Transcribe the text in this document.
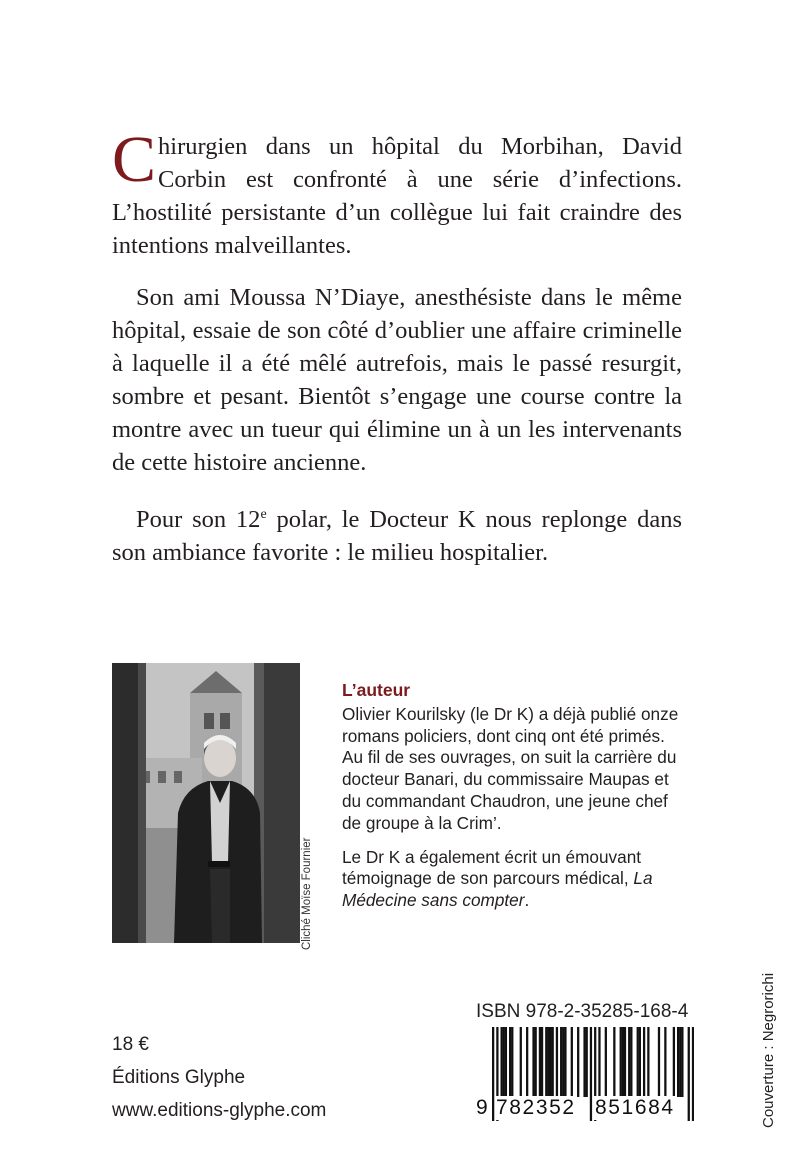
Chirurgien dans un hôpital du Morbihan, David Corbin est confronté à une série d’infections. L’hostilité persistante d’un collègue lui fait craindre des intentions malveillantes.

Son ami Moussa N’Diaye, anesthésiste dans le même hôpital, essaie de son côté d’oublier une affaire criminelle à laquelle il a été mêlé autrefois, mais le passé resurgit, sombre et pesant. Bientôt s’engage une course contre la montre avec un tueur qui élimine un à un les intervenants de cette histoire ancienne.

Pour son 12e polar, le Docteur K nous replonge dans son ambiance favorite : le milieu hospitalier.

Cliché Moïse Fournier
L’auteur

Olivier Kourilsky (le Dr K) a déjà publié onze romans policiers, dont cinq ont été primés. Au fil de ses ouvrages, on suit la carrière du docteur Banari, du commissaire Maupas et du commandant Chaudron, une jeune chef de groupe à la Crim’.

Le Dr K a également écrit un émouvant témoignage de son parcours médical, La Médecine sans compter.

Couverture : Negrorichi
18 €
Éditions Glyphe
www.editions-glyphe.com
ISBN 978-2-35285-168-4
9 782352 851684
